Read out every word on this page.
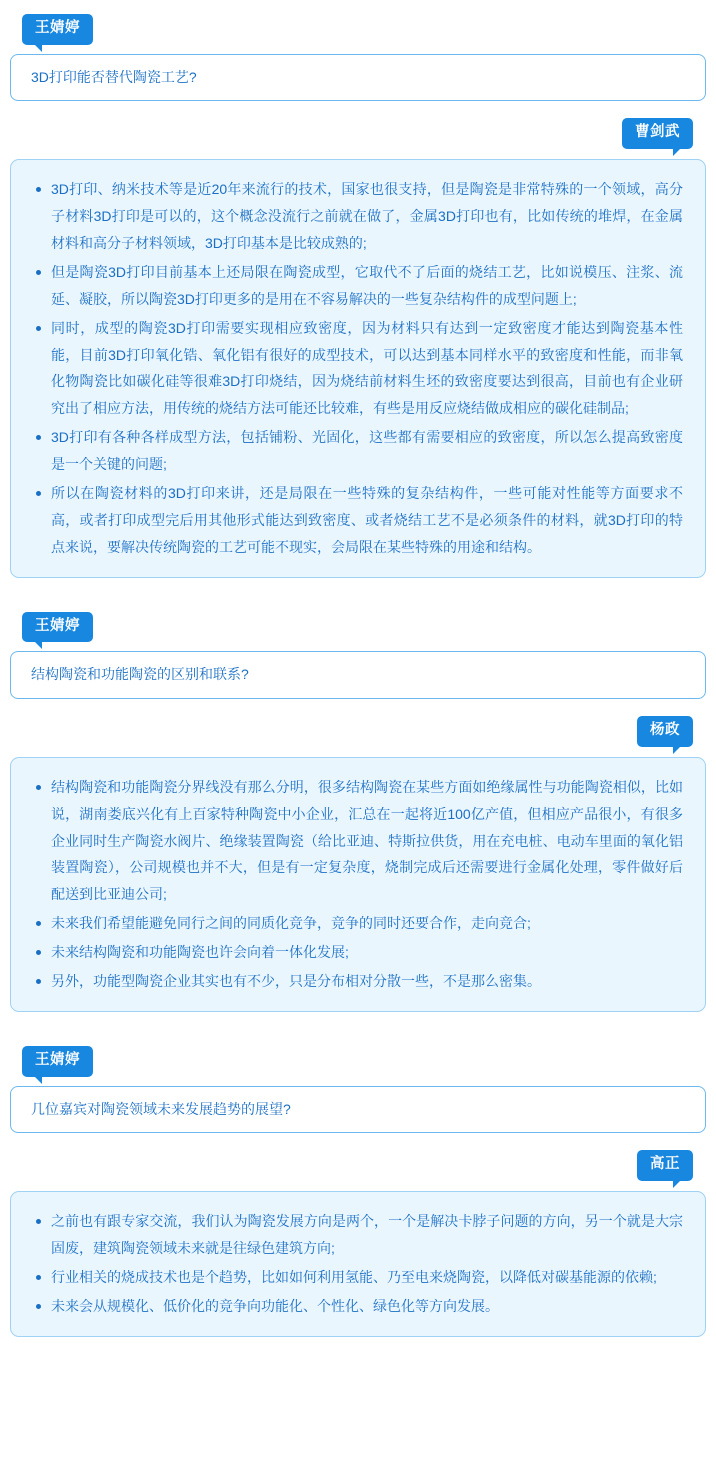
王婧婷
3D打印能否替代陶瓷工艺?
曹剑武
3D打印、纳米技术等是近20年来流行的技术，国家也很支持，但是陶瓷是非常特殊的一个领域，高分子材料3D打印是可以的，这个概念没流行之前就在做了，金属3D打印也有，比如传统的堆焊，在金属材料和高分子材料领域，3D打印基本是比较成熟的;
但是陶瓷3D打印目前基本上还局限在陶瓷成型，它取代不了后面的烧结工艺，比如说模压、注浆、流延、凝胶，所以陶瓷3D打印更多的是用在不容易解决的一些复杂结构件的成型问题上;
同时，成型的陶瓷3D打印需要实现相应致密度，因为材料只有达到一定致密度才能达到陶瓷基本性能，目前3D打印氧化锆、氧化铝有很好的成型技术，可以达到基本同样水平的致密度和性能，而非氧化物陶瓷比如碳化硅等很难3D打印烧结，因为烧结前材料生坯的致密度要达到很高，目前也有企业研究出了相应方法，用传统的烧结方法可能还比较难，有些是用反应烧结做成相应的碳化硅制品;
3D打印有各种各样成型方法，包括铺粉、光固化，这些都有需要相应的致密度，所以怎么提高致密度是一个关键的问题;
所以在陶瓷材料的3D打印来讲，还是局限在一些特殊的复杂结构件，一些可能对性能等方面要求不高，或者打印成型完后用其他形式能达到致密度、或者烧结工艺不是必须条件的材料，就3D打印的特点来说，要解决传统陶瓷的工艺可能不现实，会局限在某些特殊的用途和结构。
王婧婷
结构陶瓷和功能陶瓷的区别和联系?
杨政
结构陶瓷和功能陶瓷分界线没有那么分明，很多结构陶瓷在某些方面如绝缘属性与功能陶瓷相似，比如说，湖南娄底兴化有上百家特种陶瓷中小企业，汇总在一起将近100亿产值，但相应产品很小，有很多企业同时生产陶瓷水阀片、绝缘装置陶瓷（给比亚迪、特斯拉供货，用在充电桩、电动车里面的氧化铝装置陶瓷），公司规模也并不大，但是有一定复杂度，烧制完成后还需要进行金属化处理，零件做好后配送到比亚迪公司;
未来我们希望能避免同行之间的同质化竞争，竞争的同时还要合作，走向竞合;
未来结构陶瓷和功能陶瓷也许会向着一体化发展;
另外，功能型陶瓷企业其实也有不少，只是分布相对分散一些，不是那么密集。
王婧婷
几位嘉宾对陶瓷领域未来发展趋势的展望?
高正
之前也有跟专家交流，我们认为陶瓷发展方向是两个，一个是解决卡脖子问题的方向，另一个就是大宗固废，建筑陶瓷领域未来就是往绿色建筑方向;
行业相关的烧成技术也是个趋势，比如如何利用氢能、乃至电来烧陶瓷，以降低对碳基能源的依赖;
未来会从规模化、低价化的竞争向功能化、个性化、绿色化等方向发展。
